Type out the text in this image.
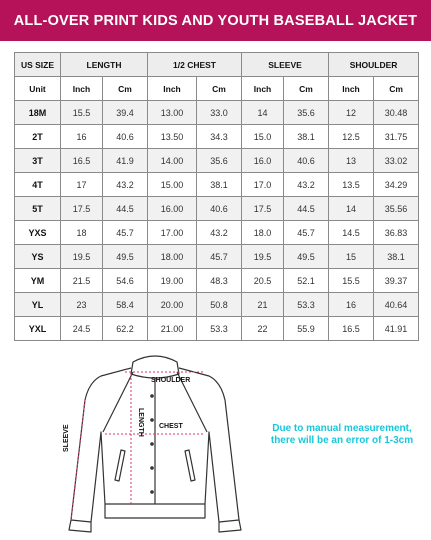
ALL-OVER PRINT KIDS AND YOUTH BASEBALL JACKET
US SIZE	LENGTH		1/2 CHEST		SLEEVE		SHOULDER	
Unit	Inch	Cm	Inch	Cm	Inch	Cm	Inch	Cm
18M	15.5	39.4	13.00	33.0	14	35.6	12	30.48
2T	16	40.6	13.50	34.3	15.0	38.1	12.5	31.75
3T	16.5	41.9	14.00	35.6	16.0	40.6	13	33.02
4T	17	43.2	15.00	38.1	17.0	43.2	13.5	34.29
5T	17.5	44.5	16.00	40.6	17.5	44.5	14	35.56
YXS	18	45.7	17.00	43.2	18.0	45.7	14.5	36.83
YS	19.5	49.5	18.00	45.7	19.5	49.5	15	38.1
YM	21.5	54.6	19.00	48.3	20.5	52.1	15.5	39.37
YL	23	58.4	20.00	50.8	21	53.3	16	40.64
YXL	24.5	62.2	21.00	53.3	22	55.9	16.5	41.91
SHOULDER
LENGTH CHEST
SLEEVE	Due to manual measurement,
there will be an error of 1-3cm
